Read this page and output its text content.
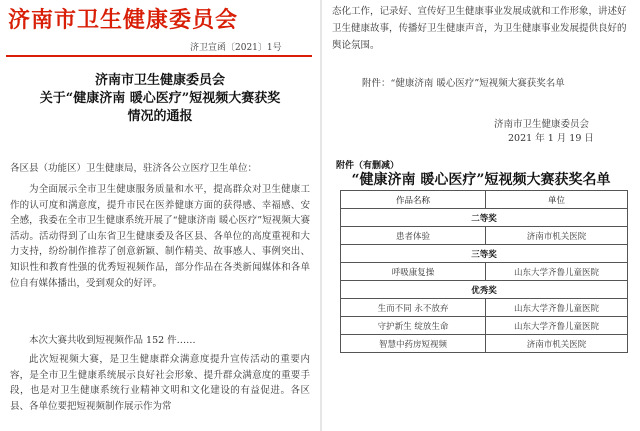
济南市卫生健康委员会
济卫宣函〔2021〕1号
济南市卫生健康委员会
关于“健康济南 暖心医疗”短视频大赛获奖
情况的通报
各区县（功能区）卫生健康局，驻济各公立医疗卫生单位：
为全面展示全市卫生健康服务质量和水平，提高群众对卫生健康工作的认可度和满意度，提升市民在医养健康方面的获得感、幸福感、安全感，我委在全市卫生健康系统开展了“健康济南 暖心医疗”短视频大赛活动。活动得到了山东省卫生健康委及各区县、各单位的高度重视和大力支持，纷纷制作推荐了创意新颖、制作精美、故事感人、事例突出、知识性和教育性强的优秀短视频作品，部分作品在各类新闻媒体和各单位自有媒体播出，受到观众的好评。
本次大赛共收到短视频作品 152 件……
此次短视频大赛，是卫生健康群众满意度提升宣传活动的重要内容，是全市卫生健康系统展示良好社会形象、提升群众满意度的重要手段，也是对卫生健康系统行业精神文明和文化建设的有益促进。各区县、各单位要把短视频制作展示作为常
态化工作，记录好、宣传好卫生健康事业发展成就和工作形象，讲述好卫生健康故事，传播好卫生健康声音，为卫生健康事业发展提供良好的舆论氛围。
附件：“健康济南 暖心医疗”短视频大赛获奖名单
济南市卫生健康委员会
2021 年 1 月 19 日
附件（有删减）
“健康济南 暖心医疗”短视频大赛获奖名单
作品名称	单位
二等奖	
患者体验	济南市机关医院
三等奖	
呼吸康复操	山东大学齐鲁儿童医院
优秀奖	
生而不同 永不放弃	山东大学齐鲁儿童医院
守护新生 绽放生命	山东大学齐鲁儿童医院
智慧中药房短视频	济南市机关医院
